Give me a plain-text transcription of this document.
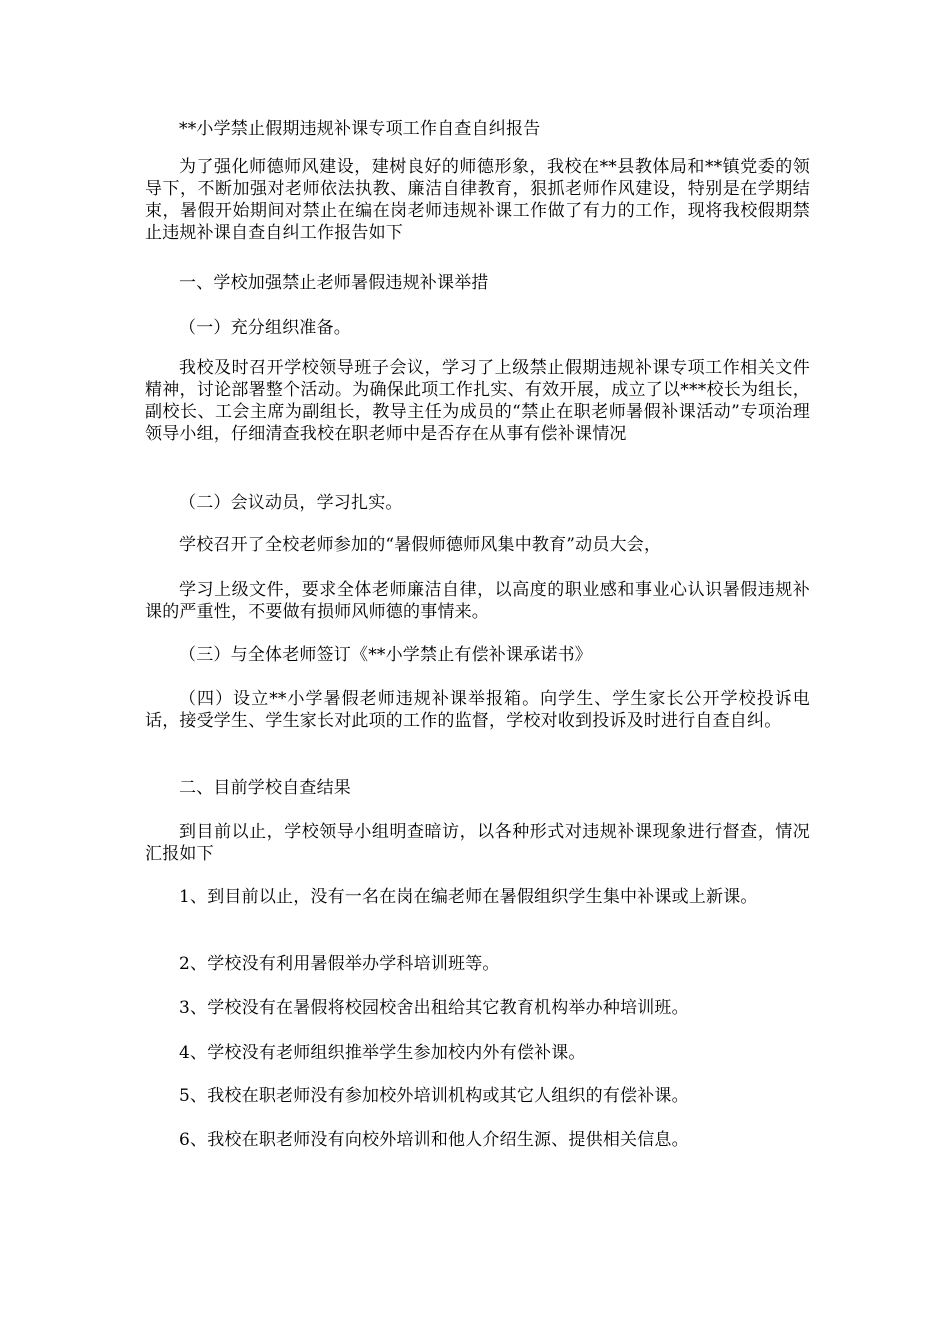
**小学禁止假期违规补课专项工作自查自纠报告

为了强化师德师风建设，建树良好的师德形象，我校在**县教体局和**镇党委的领导下，不断加强对老师依法执教、廉洁自律教育，狠抓老师作风建设，特别是在学期结束，暑假开始期间对禁止在编在岗老师违规补课工作做了有力的工作，现将我校假期禁止违规补课自查自纠工作报告如下

一、学校加强禁止老师暑假违规补课举措

（一）充分组织准备。

我校及时召开学校领导班子会议，学习了上级禁止假期违规补课专项工作相关文件精神，讨论部署整个活动。为确保此项工作扎实、有效开展，成立了以***校长为组长，副校长、工会主席为副组长，教导主任为成员的“禁止在职老师暑假补课活动”专项治理领导小组，仔细清查我校在职老师中是否存在从事有偿补课情况

（二）会议动员，学习扎实。

学校召开了全校老师参加的“暑假师德师风集中教育”动员大会，

学习上级文件，要求全体老师廉洁自律，以高度的职业感和事业心认识暑假违规补课的严重性，不要做有损师风师德的事情来。

（三）与全体老师签订《**小学禁止有偿补课承诺书》

（四）设立**小学暑假老师违规补课举报箱。向学生、学生家长公开学校投诉电话，接受学生、学生家长对此项的工作的监督，学校对收到投诉及时进行自查自纠。

二、目前学校自查结果

到目前以止，学校领导小组明查暗访，以各种形式对违规补课现象进行督查，情况汇报如下

1、到目前以止，没有一名在岗在编老师在暑假组织学生集中补课或上新课。

2、学校没有利用暑假举办学科培训班等。

3、学校没有在暑假将校园校舍出租给其它教育机构举办种培训班。

4、学校没有老师组织推举学生参加校内外有偿补课。

5、我校在职老师没有参加校外培训机构或其它人组织的有偿补课。

6、我校在职老师没有向校外培训和他人介绍生源、提供相关信息。
